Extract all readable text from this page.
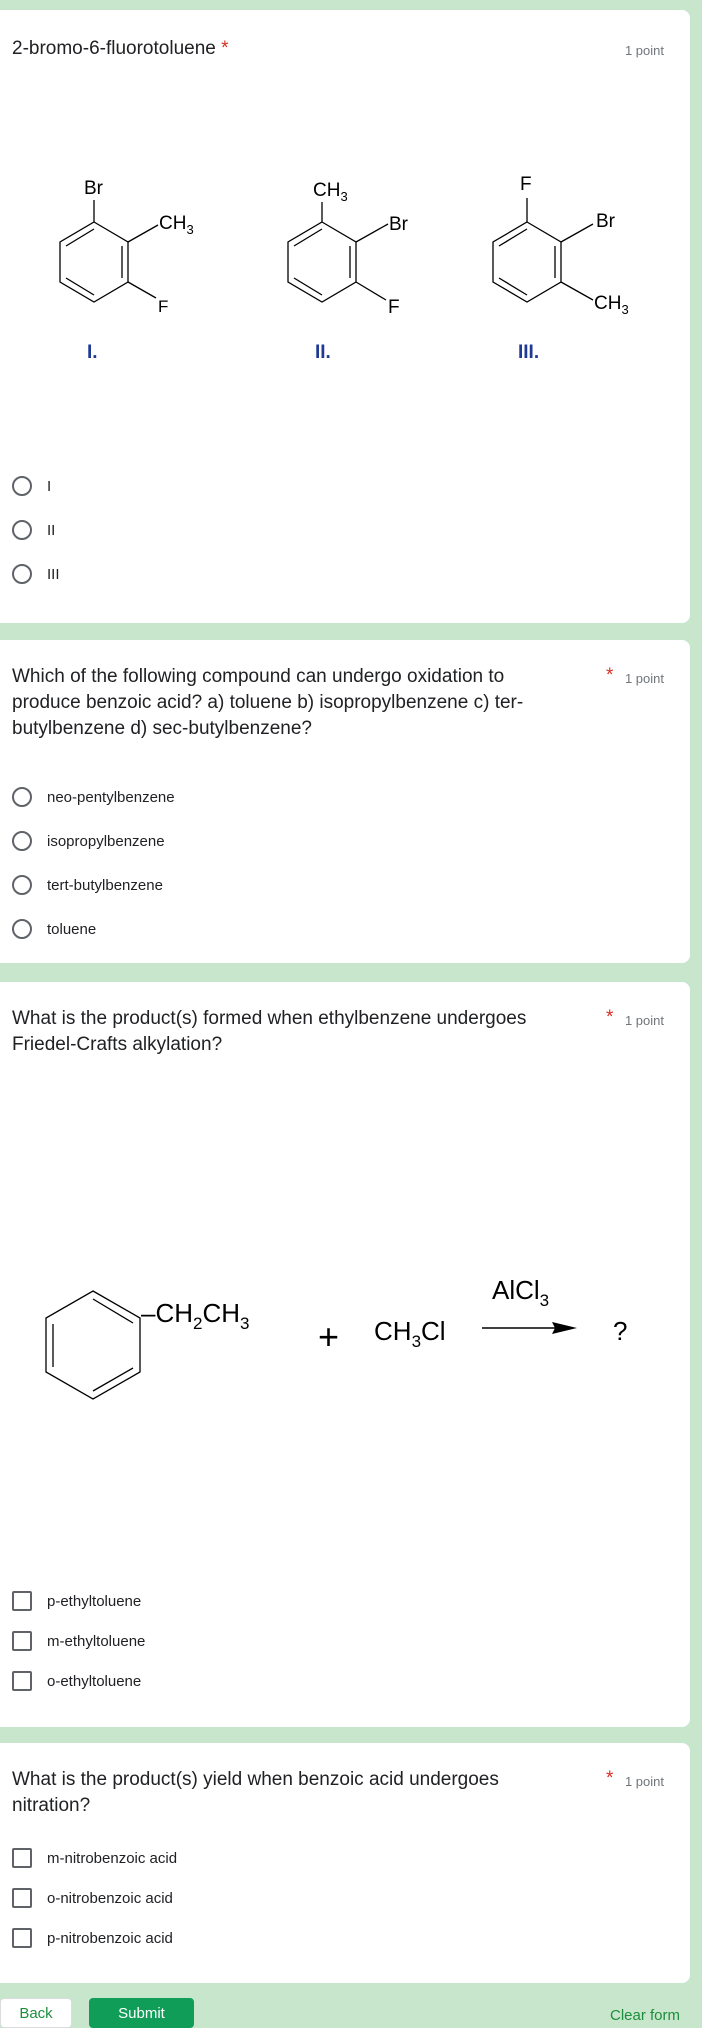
2-bromo-6-fluorotoluene *	1 point
Br
$CH_3$
F
I.
$CH_3$
Br
F
II.
F
Br
$CH_3$
III.
I
II
III
Which of the following compound can undergo oxidation to produce benzoic acid? a) toluene b) isopropylbenzene c) ter-butylbenzene d) sec-butylbenzene?
* 1 point
neo-pentylbenzene
isopropylbenzene
tert-butylbenzene
toluene
What is the product(s) formed when ethylbenzene undergoes Friedel-Crafts alkylation?
* 1 point
$-CH_2CH_3 + CH_3Cl$
AlCl$_3$
?
p-ethyltoluene
m-ethyltoluene
o-ethyltoluene
What is the product(s) yield when benzoic acid undergoes nitration?
* 1 point
m-nitrobenzoic acid
o-nitrobenzoic acid
p-nitrobenzoic acid
Back	Submit	Clear form
